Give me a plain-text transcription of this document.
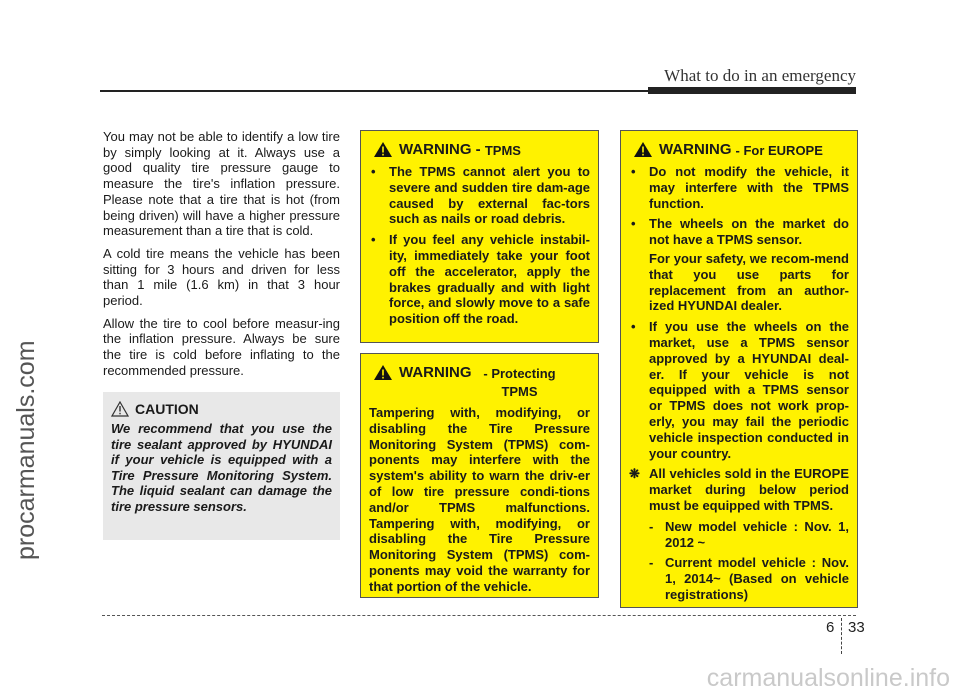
procarmanuals.com
What to do in an emergency

You may not be able to identify a low tire by simply looking at it. Always use a good quality tire pressure gauge to measure the tire's inflation pressure. Please note that a tire that is hot (from being driven) will have a higher pressure measurement than a tire that is cold.

A cold tire means the vehicle has been sitting for 3 hours and driven for less than 1 mile (1.6 km) in that 3 hour period.

Allow the tire to cool before measur-ing the inflation pressure. Always be sure the tire is cold before inflating to the recommended pressure.

CAUTION
We recommend that you use the tire sealant approved by HYUNDAI if your vehicle is equipped with a Tire Pressure Monitoring System. The liquid sealant can damage the tire pressure sensors.
WARNING - TPMS
• The TPMS cannot alert you to severe and sudden tire dam-age caused by external fac-tors such as nails or road debris.
• If you feel any vehicle instabil-ity, immediately take your foot off the accelerator, apply the brakes gradually and with light force, and slowly move to a safe position off the road.
WARNING - Protecting TPMS
Tampering with, modifying, or disabling the Tire Pressure Monitoring System (TPMS) com-ponents may interfere with the system's ability to warn the driv-er of low tire pressure condi-tions and/or TPMS malfunctions. Tampering with, modifying, or disabling the Tire Pressure Monitoring System (TPMS) com-ponents may void the warranty for that portion of the vehicle.
WARNING - For EUROPE
• Do not modify the vehicle, it may interfere with the TPMS function.
• The wheels on the market do not have a TPMS sensor.
For your safety, we recom-mend that you use parts for replacement from an author-ized HYUNDAI dealer.
• If you use the wheels on the market, use a TPMS sensor approved by a HYUNDAI deal-er. If your vehicle is not equipped with a TPMS sensor or TPMS does not work prop-erly, you may fail the periodic vehicle inspection conducted in your country.
❋ All vehicles sold in the EUROPE market during below period must be equipped with TPMS.
- New model vehicle : Nov. 1, 2012 ~
- Current model vehicle : Nov. 1, 2014~ (Based on vehicle registrations)
6 33
carmanualsonline.info
